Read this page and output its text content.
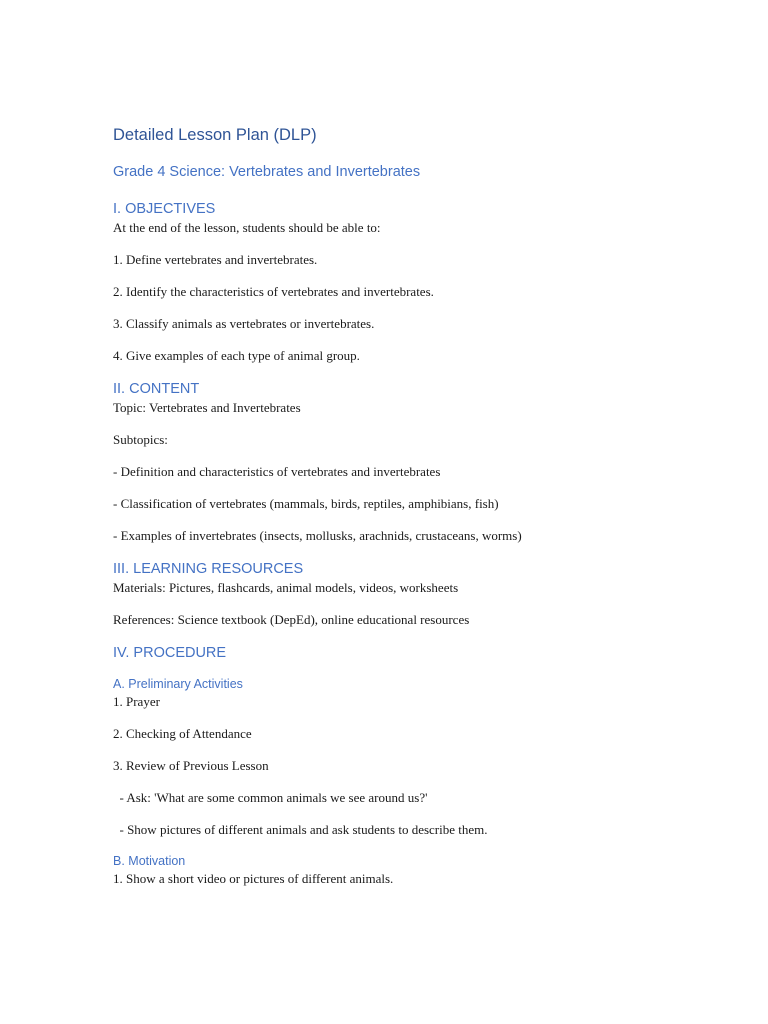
Detailed Lesson Plan (DLP)
Grade 4 Science: Vertebrates and Invertebrates
I. OBJECTIVES
At the end of the lesson, students should be able to:
1. Define vertebrates and invertebrates.
2. Identify the characteristics of vertebrates and invertebrates.
3. Classify animals as vertebrates or invertebrates.
4. Give examples of each type of animal group.
II. CONTENT
Topic: Vertebrates and Invertebrates
Subtopics:
- Definition and characteristics of vertebrates and invertebrates
- Classification of vertebrates (mammals, birds, reptiles, amphibians, fish)
- Examples of invertebrates (insects, mollusks, arachnids, crustaceans, worms)
III. LEARNING RESOURCES
Materials: Pictures, flashcards, animal models, videos, worksheets
References: Science textbook (DepEd), online educational resources
IV. PROCEDURE
A. Preliminary Activities
1. Prayer
2. Checking of Attendance
3. Review of Previous Lesson
- Ask: 'What are some common animals we see around us?'
- Show pictures of different animals and ask students to describe them.
B. Motivation
1. Show a short video or pictures of different animals.
